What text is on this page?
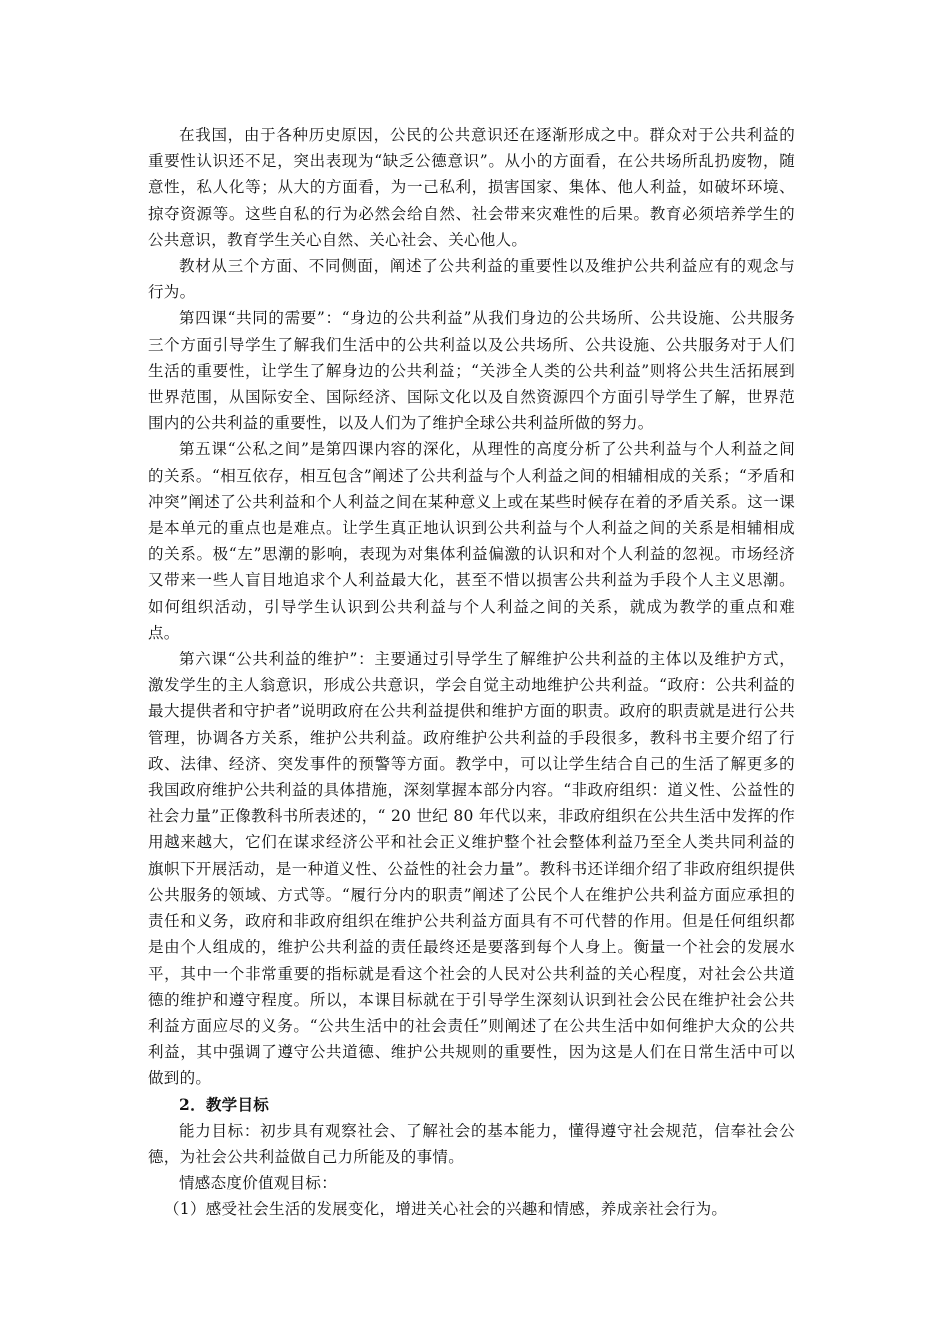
在我国，由于各种历史原因，公民的公共意识还在逐渐形成之中。群众对于公共利益的重要性认识还不足，突出表现为“缺乏公德意识”。从小的方面看，在公共场所乱扔废物，随意性，私人化等；从大的方面看，为一己私利，损害国家、集体、他人利益，如破坏环境、掠夺资源等。这些自私的行为必然会给自然、社会带来灾难性的后果。教育必须培养学生的公共意识，教育学生关心自然、关心社会、关心他人。

教材从三个方面、不同侧面，阐述了公共利益的重要性以及维护公共利益应有的观念与行为。

第四课“共同的需要”：“身边的公共利益”从我们身边的公共场所、公共设施、公共服务三个方面引导学生了解我们生活中的公共利益以及公共场所、公共设施、公共服务对于人们生活的重要性，让学生了解身边的公共利益；“关涉全人类的公共利益”则将公共生活拓展到世界范围，从国际安全、国际经济、国际文化以及自然资源四个方面引导学生了解，世界范围内的公共利益的重要性，以及人们为了维护全球公共利益所做的努力。

第五课“公私之间”是第四课内容的深化，从理性的高度分析了公共利益与个人利益之间的关系。“相互依存，相互包含”阐述了公共利益与个人利益之间的相辅相成的关系；“矛盾和冲突”阐述了公共利益和个人利益之间在某种意义上或在某些时候存在着的矛盾关系。这一课是本单元的重点也是难点。让学生真正地认识到公共利益与个人利益之间的关系是相辅相成的关系。极“左”思潮的影响，表现为对集体利益偏激的认识和对个人利益的忽视。市场经济又带来一些人盲目地追求个人利益最大化，甚至不惜以损害公共利益为手段个人主义思潮。如何组织活动，引导学生认识到公共利益与个人利益之间的关系，就成为教学的重点和难点。

第六课“公共利益的维护”：主要通过引导学生了解维护公共利益的主体以及维护方式，激发学生的主人翁意识，形成公共意识，学会自觉主动地维护公共利益。“政府：公共利益的最大提供者和守护者”说明政府在公共利益提供和维护方面的职责。政府的职责就是进行公共管理，协调各方关系，维护公共利益。政府维护公共利益的手段很多，教科书主要介绍了行政、法律、经济、突发事件的预警等方面。教学中，可以让学生结合自己的生活了解更多的我国政府维护公共利益的具体措施，深刻掌握本部分内容。“非政府组织：道义性、公益性的社会力量”正像教科书所表述的，“ 20 世纪 80 年代以来，非政府组织在公共生活中发挥的作用越来越大，它们在谋求经济公平和社会正义维护整个社会整体利益乃至全人类共同利益的旗帜下开展活动，是一种道义性、公益性的社会力量”。教科书还详细介绍了非政府组织提供公共服务的领域、方式等。“履行分内的职责”阐述了公民个人在维护公共利益方面应承担的责任和义务，政府和非政府组织在维护公共利益方面具有不可代替的作用。但是任何组织都是由个人组成的，维护公共利益的责任最终还是要落到每个人身上。衡量一个社会的发展水平，其中一个非常重要的指标就是看这个社会的人民对公共利益的关心程度，对社会公共道德的维护和遵守程度。所以，本课目标就在于引导学生深刻认识到社会公民在维护社会公共利益方面应尽的义务。“公共生活中的社会责任”则阐述了在公共生活中如何维护大众的公共利益，其中强调了遵守公共道德、维护公共规则的重要性，因为这是人们在日常生活中可以做到的。

2．教学目标

能力目标：初步具有观察社会、了解社会的基本能力，懂得遵守社会规范，信奉社会公德，为社会公共利益做自己力所能及的事情。

情感态度价值观目标：

（1）感受社会生活的发展变化，增进关心社会的兴趣和情感，养成亲社会行为。
